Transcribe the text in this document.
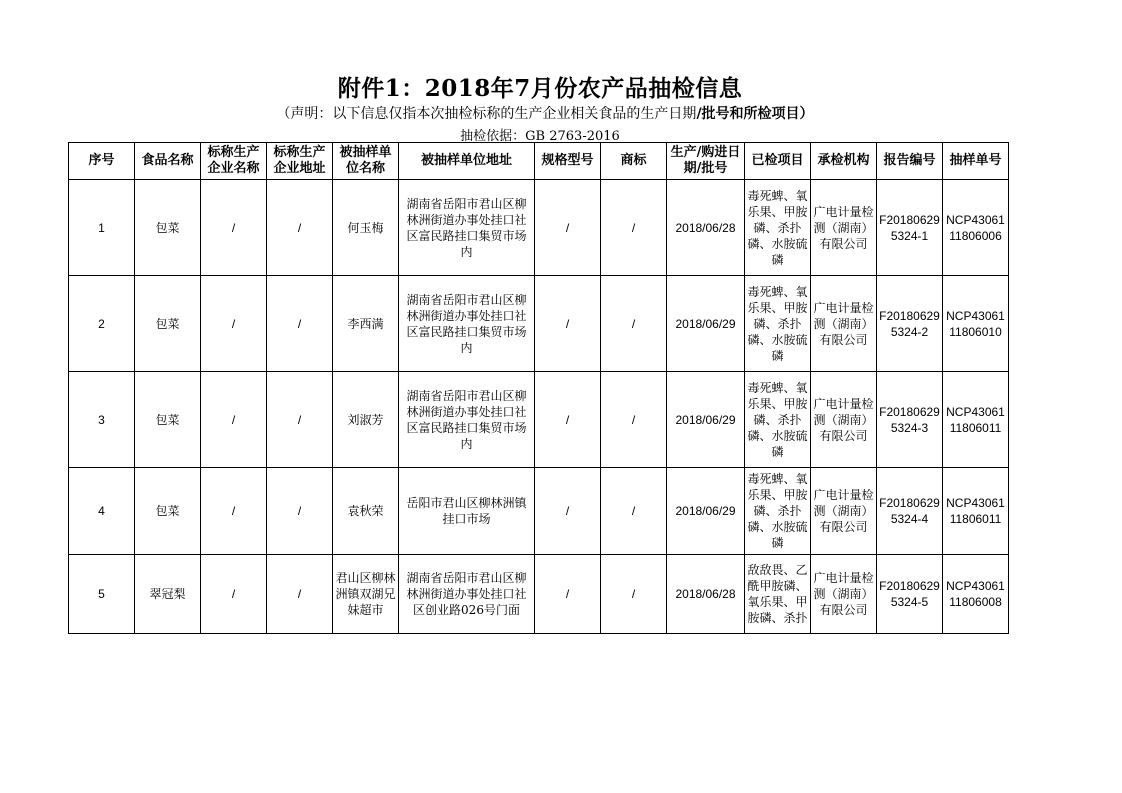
附件1：2018年7月份农产品抽检信息
（声明：以下信息仅指本次抽检标称的生产企业相关食品的生产日期/批号和所检项目）
抽检依据：GB 2763-2016
序号	食品名称	标称生产企业名称	标称生产企业地址	被抽样单位名称	被抽样单位地址	规格型号	商标	生产/购进日期/批号	已检项目	承检机构	报告编号	抽样单号
1	包菜	/	/	何玉梅	湖南省岳阳市君山区柳林洲街道办事处挂口社区富民路挂口集贸市场内	/	/	2018/06/28	毒死蜱、氧乐果、甲胺磷、杀扑磷、水胺硫磷	广电计量检测（湖南）有限公司	F201806295324-1	NCP4306111806006
2	包菜	/	/	李西满	湖南省岳阳市君山区柳林洲街道办事处挂口社区富民路挂口集贸市场内	/	/	2018/06/29	毒死蜱、氧乐果、甲胺磷、杀扑磷、水胺硫磷	广电计量检测（湖南）有限公司	F201806295324-2	NCP4306111806010
3	包菜	/	/	刘淑芳	湖南省岳阳市君山区柳林洲街道办事处挂口社区富民路挂口集贸市场内	/	/	2018/06/29	毒死蜱、氧乐果、甲胺磷、杀扑磷、水胺硫磷	广电计量检测（湖南）有限公司	F201806295324-3	NCP4306111806011
4	包菜	/	/	袁秋荣	岳阳市君山区柳林洲镇挂口市场	/	/	2018/06/29	毒死蜱、氧乐果、甲胺磷、杀扑磷、水胺硫磷	广电计量检测（湖南）有限公司	F201806295324-4	NCP4306111806011
5	翠冠梨	/	/	君山区柳林洲镇双湖兄妹超市	湖南省岳阳市君山区柳林洲街道办事处挂口社区创业路026号门面	/	/	2018/06/28	敌敌畏、乙酰甲胺磷、氧乐果、甲胺磷、杀扑	广电计量检测（湖南）有限公司	F201806295324-5	NCP4306111806008
